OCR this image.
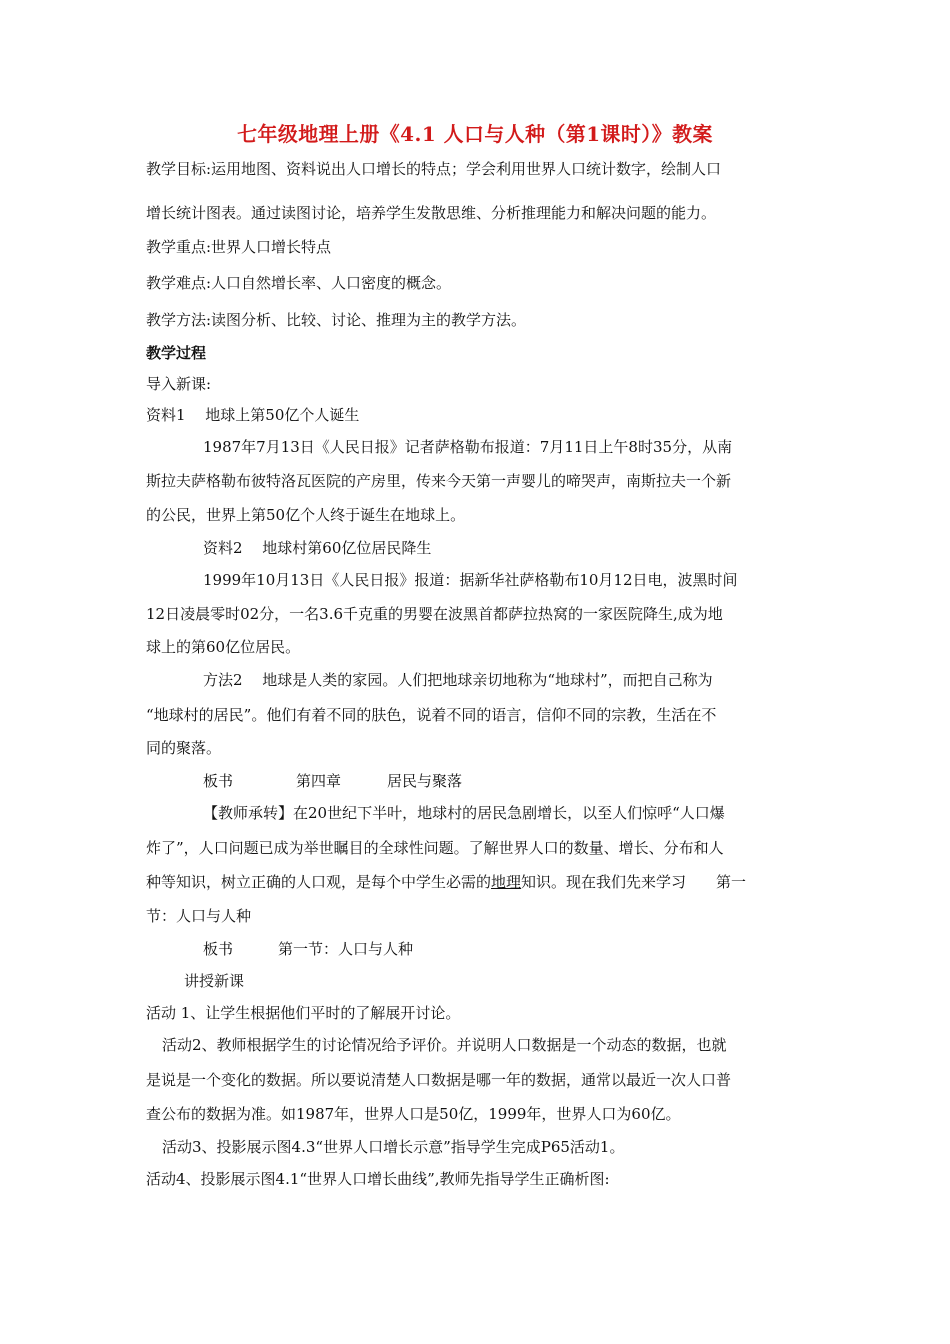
七年级地理上册《4.1 人口与人种（第1课时）》教案
教学目标:运用地图、资料说出人口增长的特点；学会利用世界人口统计数字，绘制人口
增长统计图表。通过读图讨论，培养学生发散思维、分析推理能力和解决问题的能力。
教学重点:世界人口增长特点
教学难点:人口自然增长率、人口密度的概念。
教学方法:读图分析、比较、讨论、推理为主的教学方法。
教学过程
导入新课:
资料1　 地球上第50亿个人诞生
1987年7月13日《人民日报》记者萨格勒布报道：7月11日上午8时35分，从南
斯拉夫萨格勒布彼特洛瓦医院的产房里，传来今天第一声婴儿的啼哭声，南斯拉夫一个新
的公民，世界上第50亿个人终于诞生在地球上。
资料2　 地球村第60亿位居民降生
1999年10月13日《人民日报》报道：据新华社萨格勒布10月12日电，波黑时间
12日凌晨零时02分，一名3.6千克重的男婴在波黑首都萨拉热窝的一家医院降生,成为地
球上的第60亿位居民。
方法2　 地球是人类的家园。人们把地球亲切地称为“地球村”，而把自己称为
“地球村的居民”。他们有着不同的肤色，说着不同的语言，信仰不同的宗教，生活在不
同的聚落。
板书	第四章	居民与聚落
【教师承转】在20世纪下半叶，地球村的居民急剧增长，以至人们惊呼“人口爆
炸了”，人口问题已成为举世瞩目的全球性问题。了解世界人口的数量、增长、分布和人
种等知识，树立正确的人口观，是每个中学生必需的地理知识。现在我们先来学习　　第一
节：人口与人种
板书	第一节：人口与人种
讲授新课
活动 1、让学生根据他们平时的了解展开讨论。
活动2、教师根据学生的讨论情况给予评价。并说明人口数据是一个动态的数据，也就
是说是一个变化的数据。所以要说清楚人口数据是哪一年的数据，通常以最近一次人口普
查公布的数据为准。如1987年，世界人口是50亿，1999年，世界人口为60亿。
活动3、投影展示图4.3“世界人口增长示意”指导学生完成P65活动1。
活动4、投影展示图4.1“世界人口增长曲线”,教师先指导学生正确析图:
